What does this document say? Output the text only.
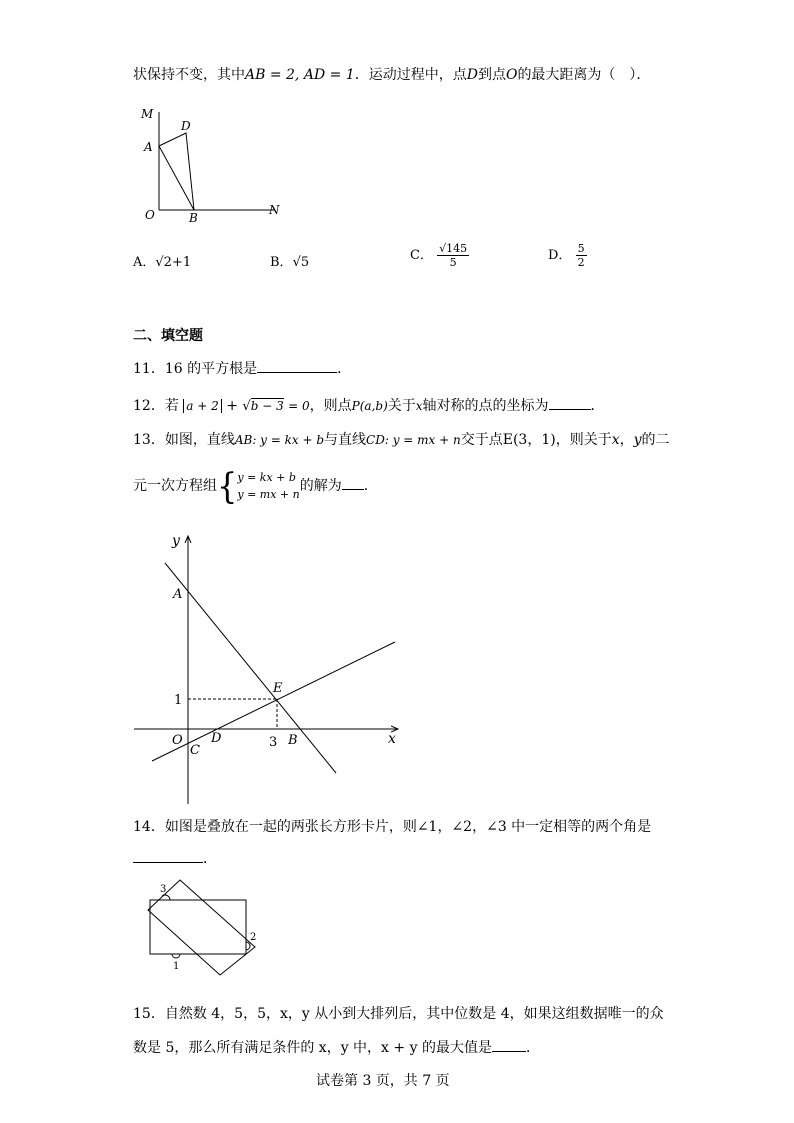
状保持不变，其中AB = 2, AD = 1．运动过程中，点D到点O的最大距离为（　）．
M
D
A
O	B
N
A．√2+1	B．√5	C． $\frac{√145}{5}$	D． $\frac{5}{2}$
二、填空题
11．16 的平方根是	．
12．若 a + 2 + √b − 3 = 0，则点P(a,b)关于x轴对称的点的坐标为	．
13．如图，直线AB: y = kx + b与直线CD: y = mx + n交于点E(3，1)，则关于x，y的二
元一次方程组{ y = kx + b
y = mx + n
的解为 ．
y
x
A
E
1
O
C
D	3 B
14．如图是叠放在一起的两张长方形卡片，则∠1，∠2，∠3 中一定相等的两个角是
．
3
2
1
15．自然数 4，5，5，x，y 从小到大排列后，其中位数是 4，如果这组数据唯一的众
数是 5，那么所有满足条件的 x，y 中，x + y 的最大值是 ．
试卷第 3 页，共 7 页
